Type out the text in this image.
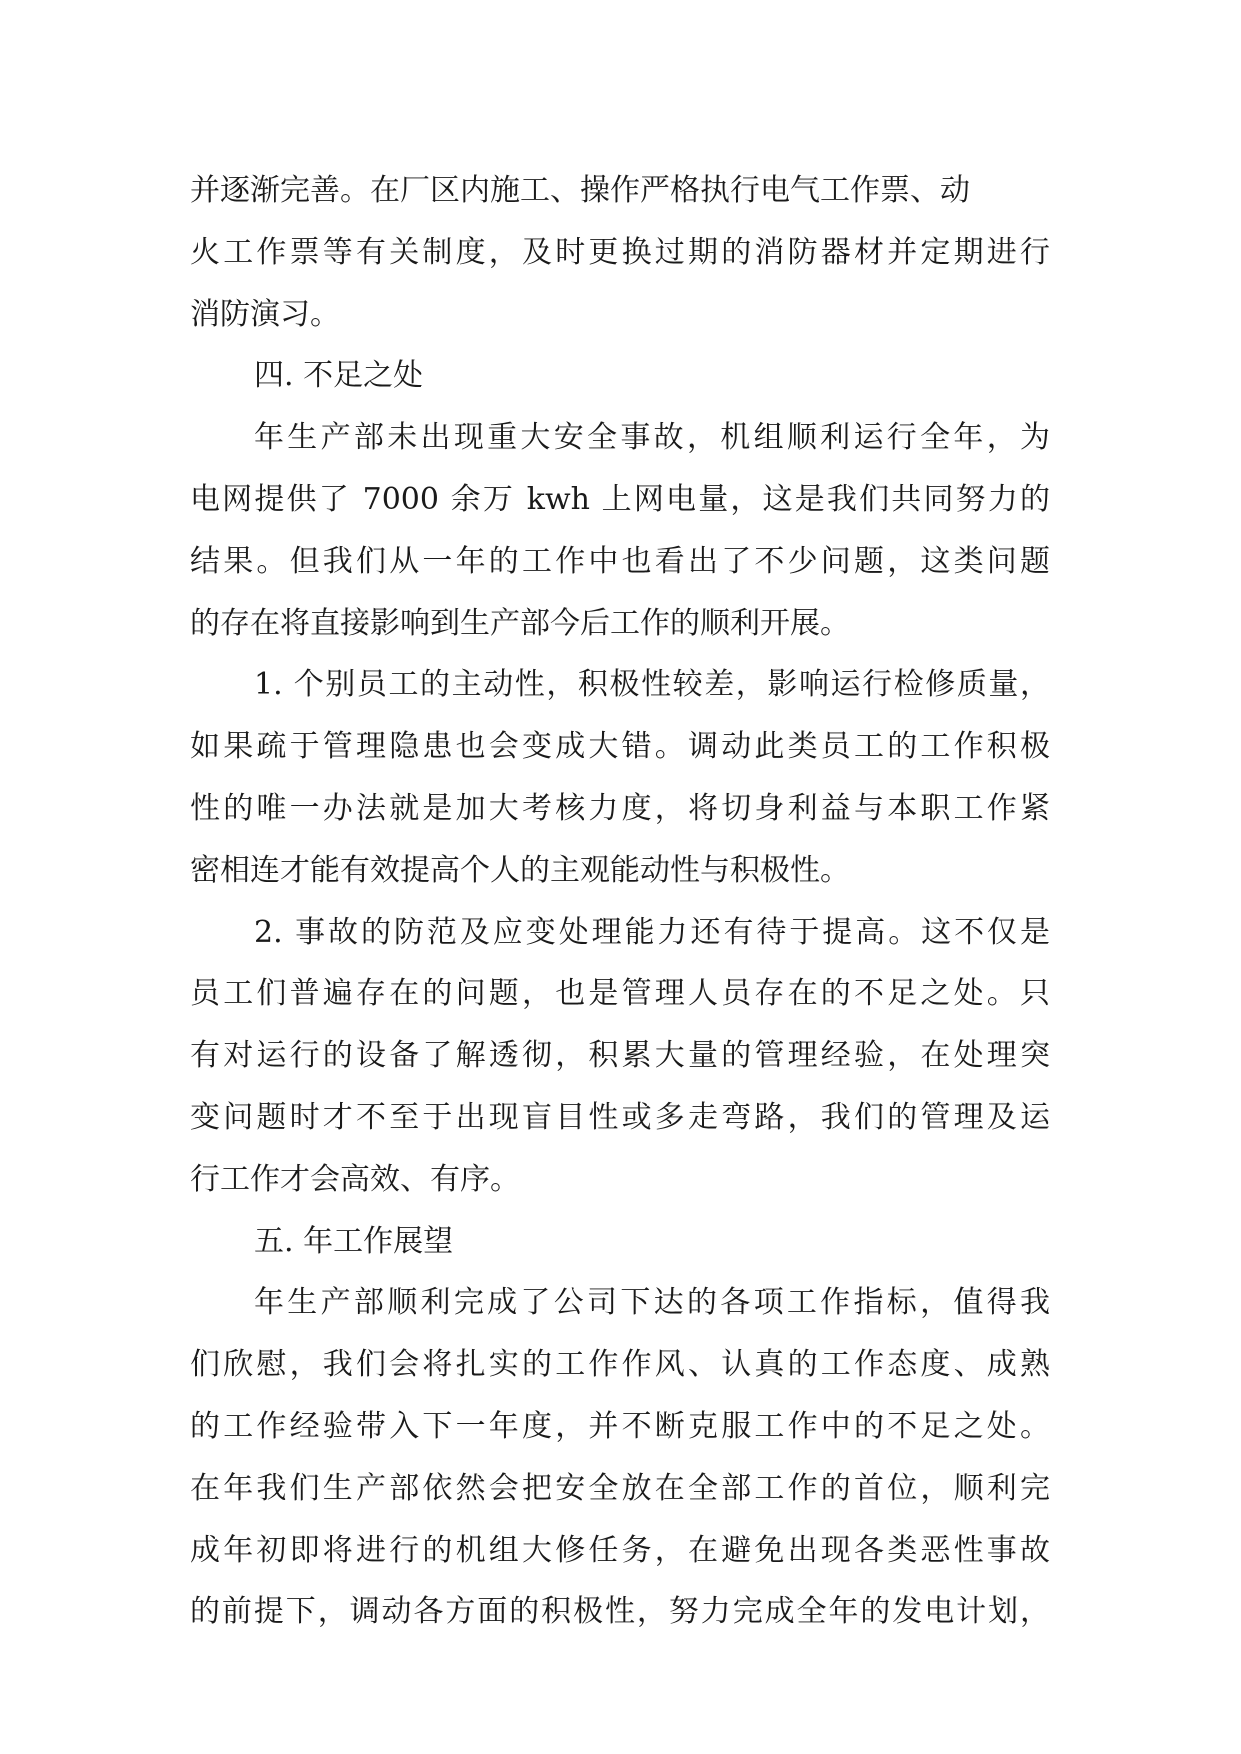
并逐渐完善。在厂区内施工、操作严格执行电气工作票、动
火工作票等有关制度，及时更换过期的消防器材并定期进行
消防演习。
四. 不足之处
年生产部未出现重大安全事故，机组顺利运行全年，为
电网提供了 7000 余万 kwh 上网电量，这是我们共同努力的
结果。但我们从一年的工作中也看出了不少问题，这类问题
的存在将直接影响到生产部今后工作的顺利开展。
1. 个别员工的主动性，积极性较差，影响运行检修质量，
如果疏于管理隐患也会变成大错。调动此类员工的工作积极
性的唯一办法就是加大考核力度，将切身利益与本职工作紧
密相连才能有效提高个人的主观能动性与积极性。
2. 事故的防范及应变处理能力还有待于提高。这不仅是
员工们普遍存在的问题，也是管理人员存在的不足之处。只
有对运行的设备了解透彻，积累大量的管理经验，在处理突
变问题时才不至于出现盲目性或多走弯路，我们的管理及运
行工作才会高效、有序。
五. 年工作展望
年生产部顺利完成了公司下达的各项工作指标，值得我
们欣慰，我们会将扎实的工作作风、认真的工作态度、成熟
的工作经验带入下一年度，并不断克服工作中的不足之处。
在年我们生产部依然会把安全放在全部工作的首位，顺利完
成年初即将进行的机组大修任务，在避免出现各类恶性事故
的前提下，调动各方面的积极性，努力完成全年的发电计划，
